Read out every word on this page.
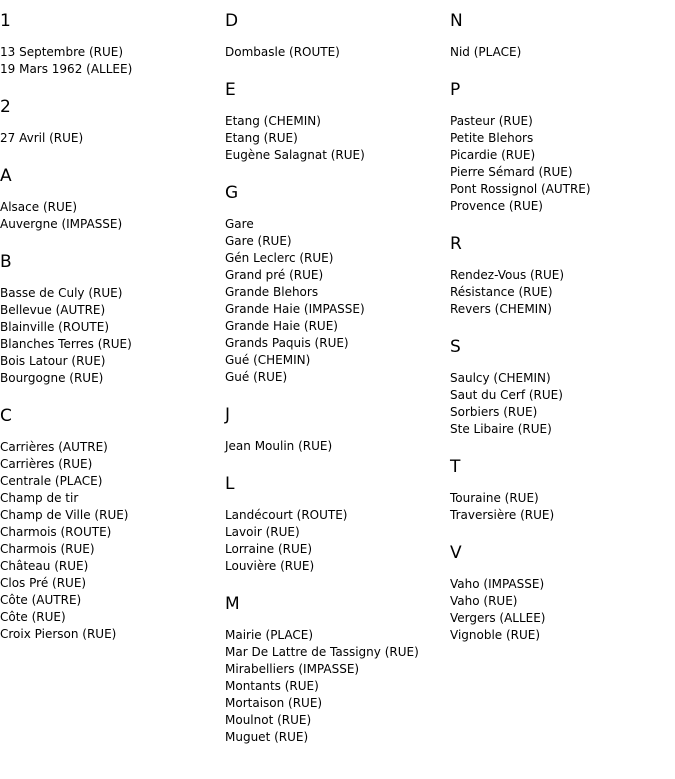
1
13 Septembre (RUE)
19 Mars 1962 (ALLEE)
2
27 Avril (RUE)
A
Alsace (RUE)
Auvergne (IMPASSE)
B
Basse de Culy (RUE)
Bellevue (AUTRE)
Blainville (ROUTE)
Blanches Terres (RUE)
Bois Latour (RUE)
Bourgogne (RUE)
C
Carrières (AUTRE)
Carrières (RUE)
Centrale (PLACE)
Champ de tir
Champ de Ville (RUE)
Charmois (ROUTE)
Charmois (RUE)
Château (RUE)
Clos Pré (RUE)
Côte (AUTRE)
Côte (RUE)
Croix Pierson (RUE)
D
Dombasle (ROUTE)
E
Etang (CHEMIN)
Etang (RUE)
Eugène Salagnat (RUE)
G
Gare
Gare (RUE)
Gén Leclerc (RUE)
Grand pré (RUE)
Grande Blehors
Grande Haie (IMPASSE)
Grande Haie (RUE)
Grands Paquis (RUE)
Gué (CHEMIN)
Gué (RUE)
J
Jean Moulin (RUE)
L
Landécourt (ROUTE)
Lavoir (RUE)
Lorraine (RUE)
Louvière (RUE)
M
Mairie (PLACE)
Mar De Lattre de Tassigny (RUE)
Mirabelliers (IMPASSE)
Montants (RUE)
Mortaison (RUE)
Moulnot (RUE)
Muguet (RUE)
N
Nid (PLACE)
P
Pasteur (RUE)
Petite Blehors
Picardie (RUE)
Pierre Sémard (RUE)
Pont Rossignol (AUTRE)
Provence (RUE)
R
Rendez-Vous (RUE)
Résistance (RUE)
Revers (CHEMIN)
S
Saulcy (CHEMIN)
Saut du Cerf (RUE)
Sorbiers (RUE)
Ste Libaire (RUE)
T
Touraine (RUE)
Traversière (RUE)
V
Vaho (IMPASSE)
Vaho (RUE)
Vergers (ALLEE)
Vignoble (RUE)
